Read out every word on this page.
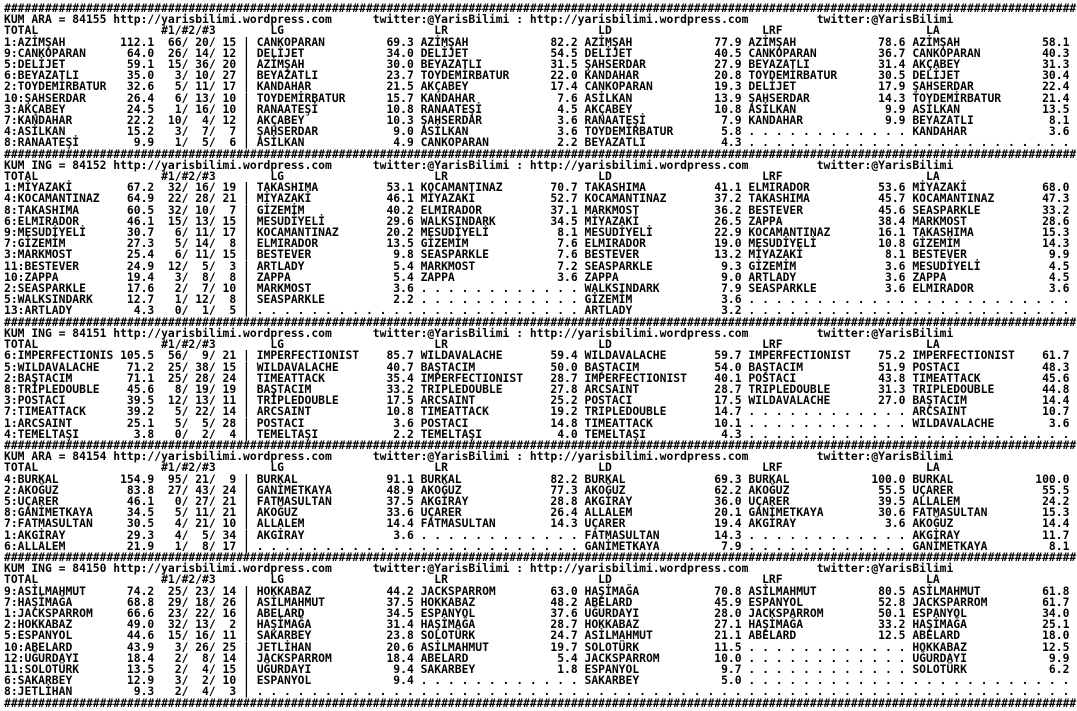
#############################################################################################################################################################
KUM ARA = 84155 http://yarisbilimi.wordpress.com      twitter:@YarisBilimi : http://yarisbilimi.wordpress.com          twitter:@YarisBilimi
TOTAL                  #1/#2/#3        LG                      LR                      LD                      LRF                     LA
1:AZİMŞAH        112.1  66/ 20/ 15 | CANKOPARAN         69.3 AZİMŞAH            82.2 AZİMŞAH            77.9 AZİMŞAH            78.6 AZİMŞAH            58.1
9:CANKOPARAN      64.0  26/ 14/ 12 | DELİJET            34.0 DELİJET            54.5 DELİJET            40.5 CANKOPARAN         36.7 CANKOPARAN         40.3
5:DELİJET         59.1  15/ 36/ 20 | AZİMŞAH            30.0 BEYAZATLI          31.5 ŞAHSERDAR          27.9 BEYAZATLI          31.4 AKÇABEY            31.3
6:BEYAZATLI       35.0   3/ 10/ 27 | BEYAZATLI          23.7 TOYDEMİRBATUR      22.0 KANDAHAR           20.8 TOYDEMİRBATUR      30.5 DELİJET            30.4
2:TOYDEMİRBATUR   32.6   5/ 11/ 17 | KANDAHAR           21.5 AKÇABEY            17.4 CANKOPARAN         19.3 DELİJET            17.9 ŞAHSERDAR          22.4
10:ŞAHSERDAR      26.4   6/ 13/ 10 | TOYDEMİRBATUR      15.7 KANDAHAR            7.6 ASİLKAN            13.9 ŞAHSERDAR          14.3 TOYDEMİRBATUR      21.4
3:AKÇABEY         24.5   1/ 16/ 10 | RANAATEŞİ          10.8 RANAATEŞİ           4.5 AKÇABEY            10.8 ASİLKAN             9.9 ASİLKAN            13.5
7:KANDAHAR        22.2  10/  4/ 12 | AKÇABEY            10.3 ŞAHSERDAR           3.6 RANAATEŞİ           7.9 KANDAHAR            9.9 BEYAZATLI           8.1
4:ASİLKAN         15.2   3/  7/  7 | ŞAHSERDAR           9.0 ASİLKAN             3.6 TOYDEMİRBATUR       5.8 . . . . . . . . . . . . KANDAHAR            3.6
8:RANAATEŞİ        9.9   1/  5/  6 | ASİLKAN             4.9 CANKOPARAN          2.2 BEYAZATLI           4.3 . . . . . . . . . . . . . . . . . . . . . . . .
#############################################################################################################################################################
KUM ING = 84152 http://yarisbilimi.wordpress.com      twitter:@YarisBilimi : http://yarisbilimi.wordpress.com          twitter:@YarisBilimi
TOTAL                  #1/#2/#3        LG                      LR                      LD                      LRF                     LA
1:MİYAZAKİ        67.2  32/ 16/ 19 | TAKASHIMA          53.1 KOCAMANTINAZ       70.7 TAKASHIMA          41.1 ELMIRADOR          53.6 MİYAZAKİ           68.0
4:KOCAMANTINAZ    64.9  22/ 28/ 21 | MİYAZAKİ           46.1 MİYAZAKİ           52.7 KOCAMANTINAZ       37.2 TAKASHIMA          45.7 KOCAMANTINAZ       47.3
8:TAKASHIMA       60.5  32/ 10/  7 | GİZEMİM            40.2 ELMIRADOR          37.1 MARKMOST           36.2 BESTEVER           45.6 SEASPARKLE         33.2
6:ELMIRADOR       46.1  15/ 13/ 15 | MESUDİYELİ         29.6 WALKSINDARK        34.5 MİYAZAKİ           26.5 ZAPPA              38.4 MARKMOST           28.6
9:MESUDİYELİ      30.7   6/ 11/ 17 | KOCAMANTINAZ       20.2 MESUDİYELİ          8.1 MESUDİYELİ         22.9 KOCAMANTINAZ       16.1 TAKASHIMA          15.3
7:GİZEMİM         27.3   5/ 14/  8 | ELMIRADOR          13.5 GİZEMİM             7.6 ELMIRADOR          19.0 MESUDİYELİ         10.8 GİZEMİM            14.3
3:MARKMOST        25.4   6/ 11/ 15 | BESTEVER            9.8 SEASPARKLE          7.6 BESTEVER           13.2 MİYAZAKİ            8.1 BESTEVER            9.9
11:BESTEVER       24.9  12/  5/  3 | ARTLADY             5.4 MARKMOST            7.2 SEASPARKLE          9.3 GİZEMİM             3.6 MESUDİYELİ          4.5
10:ZAPPA          19.4   3/  8/  8 | ZAPPA               5.4 ZAPPA               3.6 ZAPPA               9.0 ARTLADY             3.6 ZAPPA               4.5
2:SEASPARKLE      17.6   2/  7/ 10 | MARKMOST            3.6 . . . . . . . . . . . . WALKSINDARK         7.9 SEASPARKLE          3.6 ELMIRADOR           3.6
5:WALKSINDARK     12.7   1/ 12/  8 | SEASPARKLE          2.2 . . . . . . . . . . . . GİZEMİM             3.6 . . . . . . . . . . . . . . . . . . . . . . . .
13:ARTLADY         4.3   0/  1/  5 | . . . . . . . . . . . . . . . . . . . . . . . . ARTLADY             3.2 . . . . . . . . . . . . . . . . . . . . . . . .
#############################################################################################################################################################
KUM ING = 84151 http://yarisbilimi.wordpress.com      twitter:@YarisBilimi : http://yarisbilimi.wordpress.com          twitter:@YarisBilimi
TOTAL                  #1/#2/#3        LG                      LR                      LD                      LRF                     LA
6:IMPERFECTIONIS 105.5  56/  9/ 21 | IMPERFECTIONIST    85.7 WILDAVALACHE       59.4 WILDAVALACHE       59.7 IMPERFECTIONIST    75.2 IMPERFECTIONIST    61.7
5:WILDAVALACHE    71.2  25/ 38/ 15 | WILDAVALACHE       40.7 BAŞTACIM           50.0 BAŞTACIM           54.0 BAŞTACIM           51.9 POSTACI            48.3
2:BAŞTACIM        71.1  25/ 28/ 24 | TIMEATTACK         35.4 IMPERFECTIONIST    28.7 IMPERFECTIONIST    40.1 POSTACI            43.8 TIMEATTACK         45.6
8:TRİPLEDOUBLE    45.6   8/ 19/ 19 | BAŞTACIM           33.2 TRIPLEDOUBLE       27.8 ARCSAINT           28.7 TRIPLEDOUBLE       31.3 TRIPLEDOUBLE       44.8
3:POSTACI         39.5  12/ 13/ 11 | TRİPLEDOUBLE       17.5 ARCSAINT           25.2 POSTACI            17.5 WILDAVALACHE       27.0 BAŞTACIM           14.4
7:TIMEATTACK      39.2   5/ 22/ 14 | ARCSAINT           10.8 TIMEATTACK         19.2 TRIPLEDOUBLE       14.7 . . . . . . . . . . . . ARCSAINT           10.7
1:ARCSAINT        25.1   5/  5/ 28 | POSTACI             3.6 POSTACI            14.8 TIMEATTACK         10.1 . . . . . . . . . . . . WILDAVALACHE        3.6
4:TEMELTAŞI        3.8   0/  2/  4 | TEMELTAŞI           2.2 TEMELTAŞI           4.0 TEMELTAŞI           4.3 . . . . . . . . . . . . . . . . . . . . . . . .
#############################################################################################################################################################
KUM ARA = 84154 http://yarisbilimi.wordpress.com      twitter:@YarisBilimi : http://yarisbilimi.wordpress.com          twitter:@YarisBilimi
TOTAL                  #1/#2/#3        LG                      LR                      LD                      LRF                     LA
4:BURKAL         154.9  95/ 21/  9 | BURKAL             91.1 BURKAL             82.2 BURKAL             69.3 BURKAL            100.0 BURKAL            100.0
2:AKOĞUZ          83.8  27/ 43/ 24 | GANİMETKAYA        48.9 AKOĞUZ             77.3 AKOĞUZ             62.2 AKOĞUZ             55.5 UÇARER             55.5
5:UÇARER          46.1   0/ 27/ 21 | FATMASULTAN        37.5 AKGİRAY            28.8 AKGİRAY            36.0 UÇARER             39.5 ALLALEM            24.2
8:GANİMETKAYA     34.5   5/ 11/ 21 | AKOĞUZ             33.6 UÇARER             26.4 ALLALEM            20.1 GANİMETKAYA        30.6 FATMASULTAN        15.3
7:FATMASULTAN     30.5   4/ 21/ 10 | ALLALEM            14.4 FATMASULTAN        14.3 UÇARER             19.4 AKGİRAY             3.6 AKOĞUZ             14.4
1:AKGİRAY         29.3   4/  5/ 34 | AKGİRAY             3.6 . . . . . . . . . . . . FATMASULTAN        14.3 . . . . . . . . . . . . AKGİRAY            11.7
6:ALLALEM         21.9   1/  8/ 17 | . . . . . . . . . . . . . . . . . . . . . . . . GANİMETKAYA         7.9 . . . . . . . . . . . . GANİMETKAYA         8.1
#############################################################################################################################################################
KUM ING = 84150 http://yarisbilimi.wordpress.com      twitter:@YarisBilimi : http://yarisbilimi.wordpress.com          twitter:@YarisBilimi
TOTAL                  #1/#2/#3        LG                      LR                      LD                      LRF                     LA
9:ASİLMAHMUT      74.2  25/ 23/ 14 | HOKKABAZ           44.2 JACKSPARROM        63.0 HAŞİMAĞA           70.8 ASİLMAHMUT         80.5 ASİLMAHMUT         61.8
7:HAŞİMAĞA        68.8  29/ 18/ 26 | ASİLMAHMUT         37.5 HOKKABAZ           48.2 ABELARD            45.9 ESPANYOL           52.8 JACKSPARROM        61.7
1:JACKSPARROM     66.6  23/ 22/ 16 | ABELARD            34.5 ESPANYOL           37.6 UĞURDAYI           28.0 JACKSPARROM        50.1 ESPANYOL           34.0
2:HOKKABAZ        49.0  32/ 13/  2 | HAŞİMAĞA           31.4 HAŞİMAĞA           28.7 HOKKABAZ           27.1 HAŞİMAĞA           33.2 HAŞİMAĞA           25.1
5:ESPANYOL        44.6  15/ 16/ 11 | SAKARBEY           23.8 SOLOTÜRK           24.7 ASİLMAHMUT         21.1 ABELARD            12.5 ABELARD            18.0
10:ABELARD        43.9   3/ 26/ 25 | JETLİHAN           20.6 ASİLMAHMUT         19.7 SOLOTÜRK           11.5 . . . . . . . . . . . . HOKKABAZ           12.5
12:UĞURDAYI       18.4   2/  8/ 14 | JACKSPARROM        18.4 ABELARD             5.4 JACKSPARROM        10.0 . . . . . . . . . . . . UĞURDAYI            9.9
11:SOLOTÜRK       13.5   2/  4/ 15 | UĞURDAYI            9.4 SAKARBEY            1.8 ESPANYOL            9.7 . . . . . . . . . . . . SOLOTÜRK            6.2
6:SAKARBEY        12.9   3/  2/ 10 | ESPANYOL            9.4 . . . . . . . . . . . . SAKARBEY            5.0 . . . . . . . . . . . . . . . . . . . . . . . .
8:JETLİHAN         9.3   2/  4/  3 | . . . . . . . . . . . . . . . . . . . . . . . . . . . . . . . . . . . . . . . . . . . . . . . . . . . . . . . . . . . .
#############################################################################################################################################################
